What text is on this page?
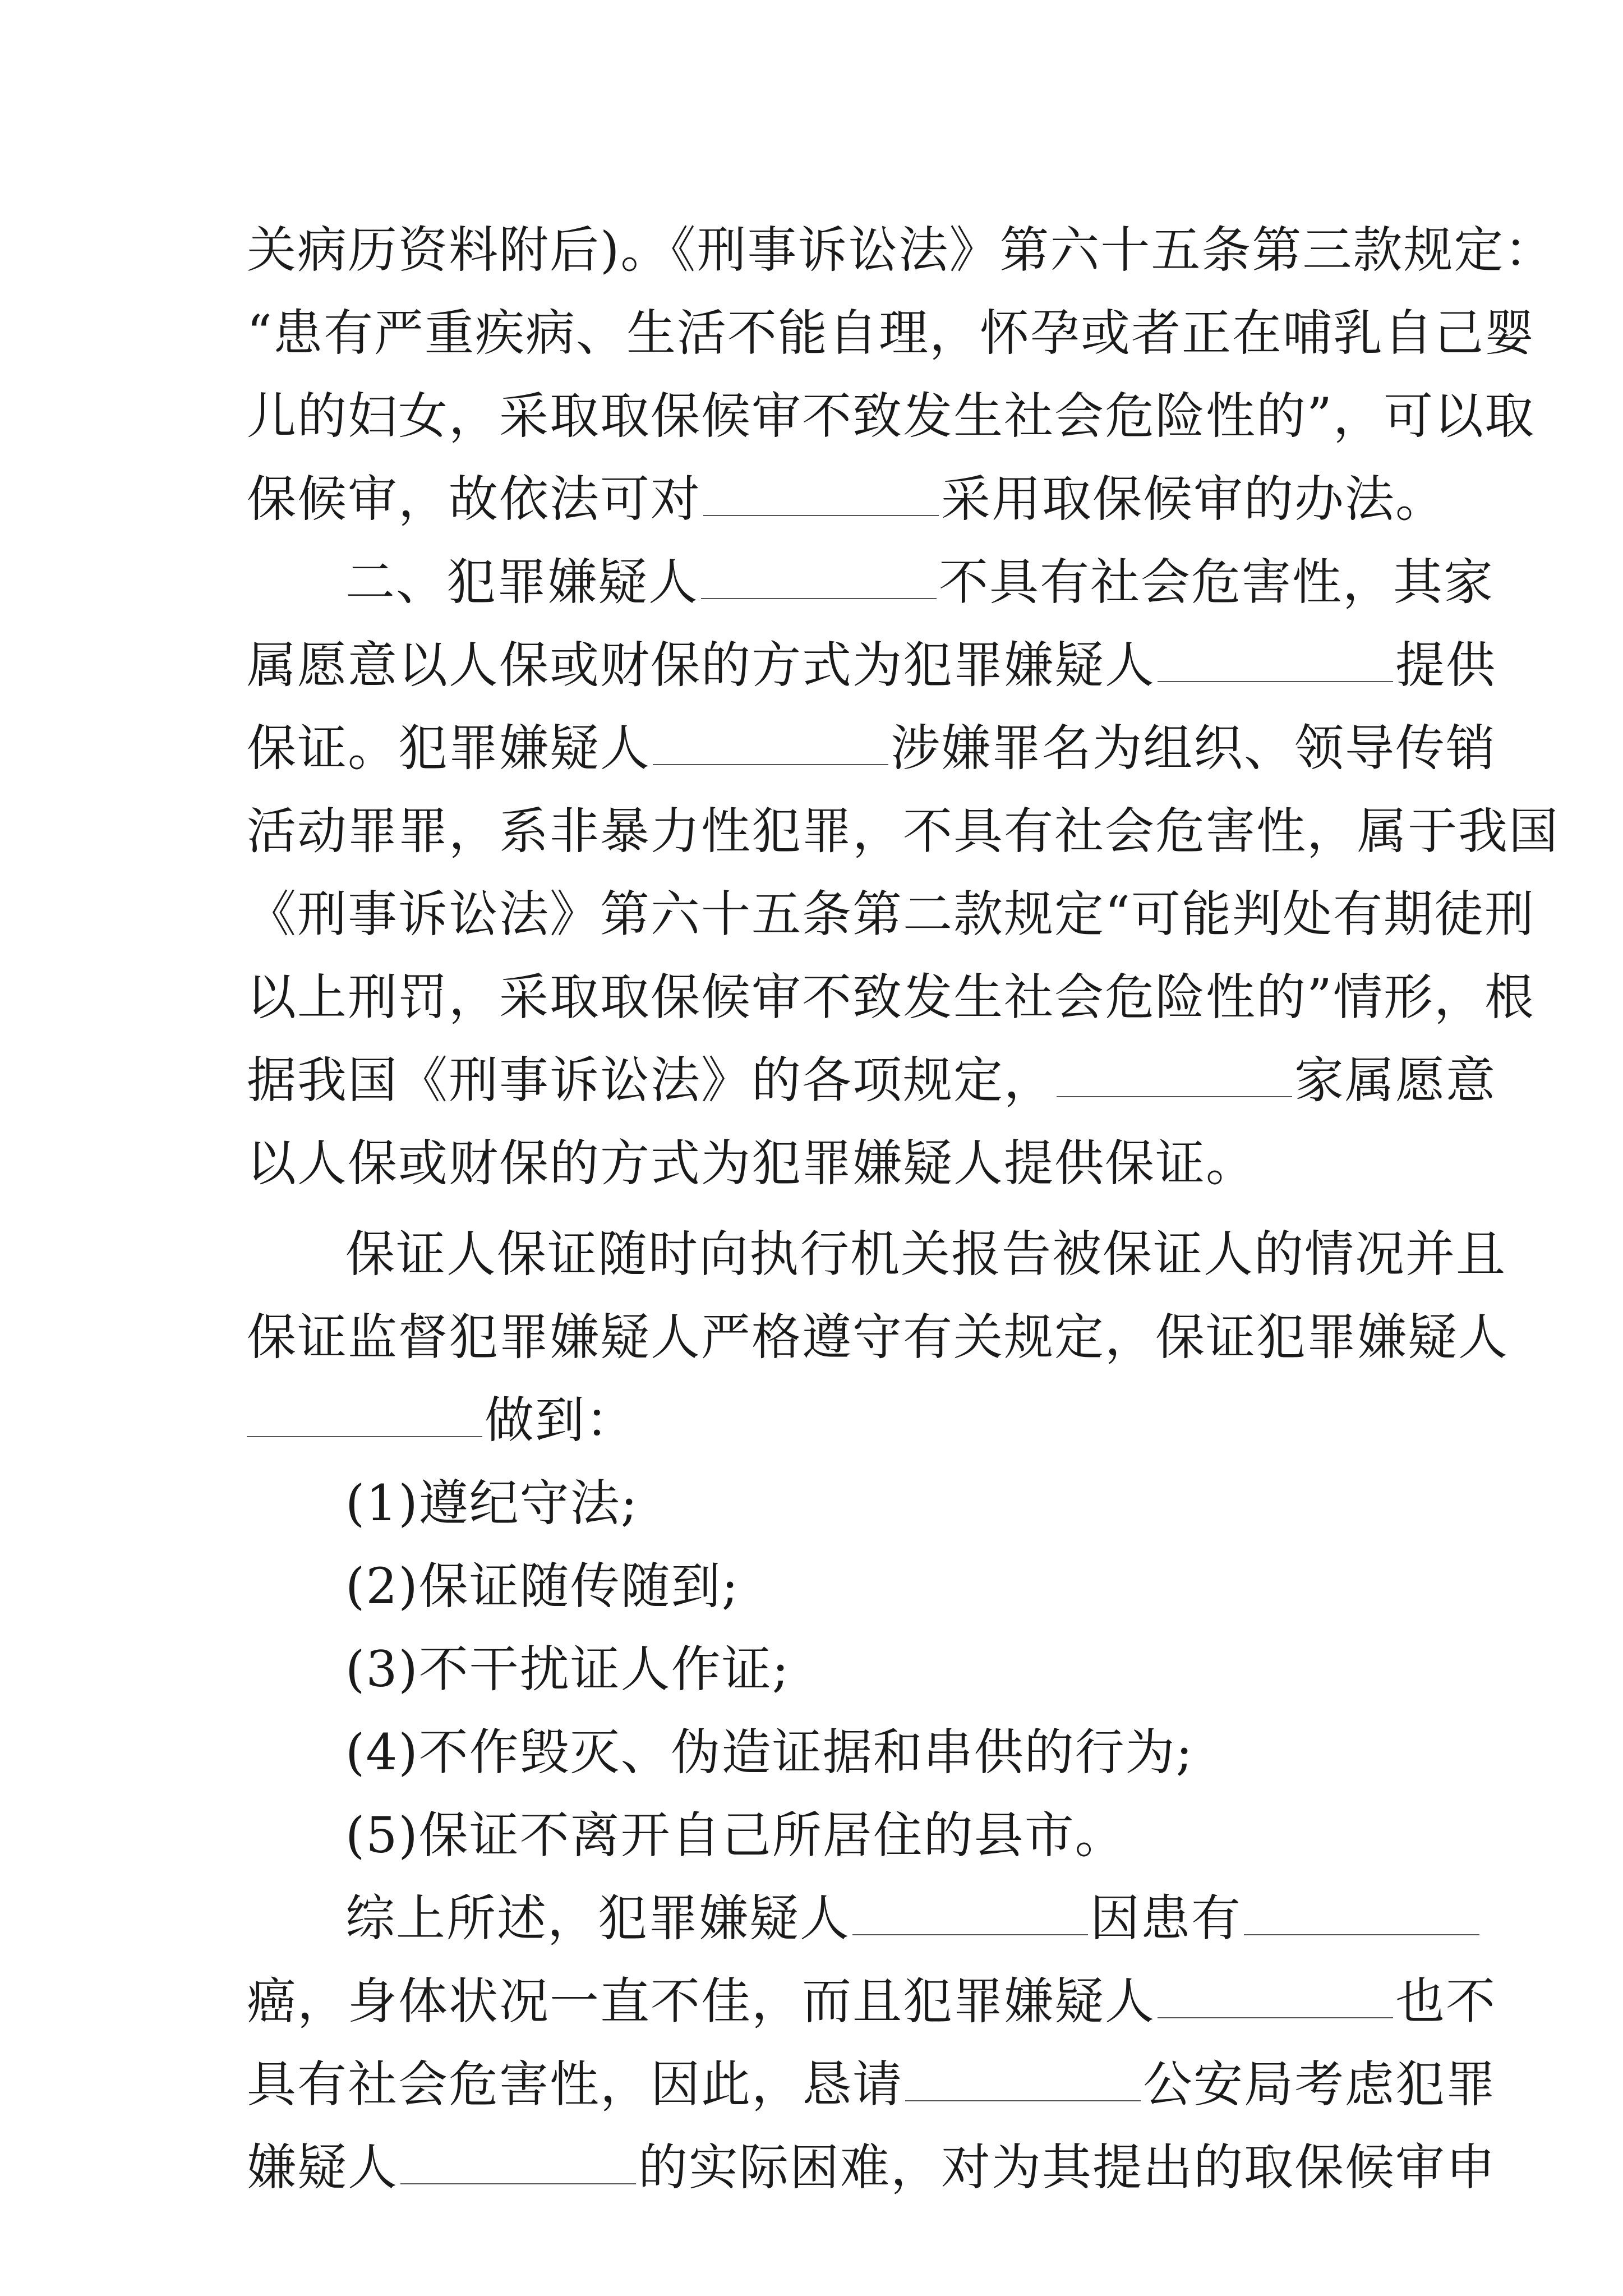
关病历资料附后)。《刑事诉讼法》第六十五条第三款规定：
“患有严重疾病、生活不能自理，怀孕或者正在哺乳自己婴
儿的妇女，采取取保候审不致发生社会危险性的”，可以取
保候审，故依法可对	采用取保候审的办法。
二、犯罪嫌疑人	不具有社会危害性，其家
属愿意以人保或财保的方式为犯罪嫌疑人	提供
保证。犯罪嫌疑人	涉嫌罪名为组织、领导传销
活动罪罪，系非暴力性犯罪，不具有社会危害性，属于我国
《刑事诉讼法》第六十五条第二款规定“可能判处有期徒刑
以上刑罚，采取取保候审不致发生社会危险性的”情形，根
据我国《刑事诉讼法》的各项规定，	家属愿意
以人保或财保的方式为犯罪嫌疑人提供保证。
保证人保证随时向执行机关报告被保证人的情况并且
保证监督犯罪嫌疑人严格遵守有关规定，保证犯罪嫌疑人
做到：
(1)遵纪守法;
(2)保证随传随到;
(3)不干扰证人作证;
(4)不作毁灭、伪造证据和串供的行为;
(5)保证不离开自己所居住的县市。
综上所述，犯罪嫌疑人	因患有
癌，身体状况一直不佳，而且犯罪嫌疑人	也不
具有社会危害性，因此，恳请	公安局考虑犯罪
嫌疑人	的实际困难，对为其提出的取保候审申
